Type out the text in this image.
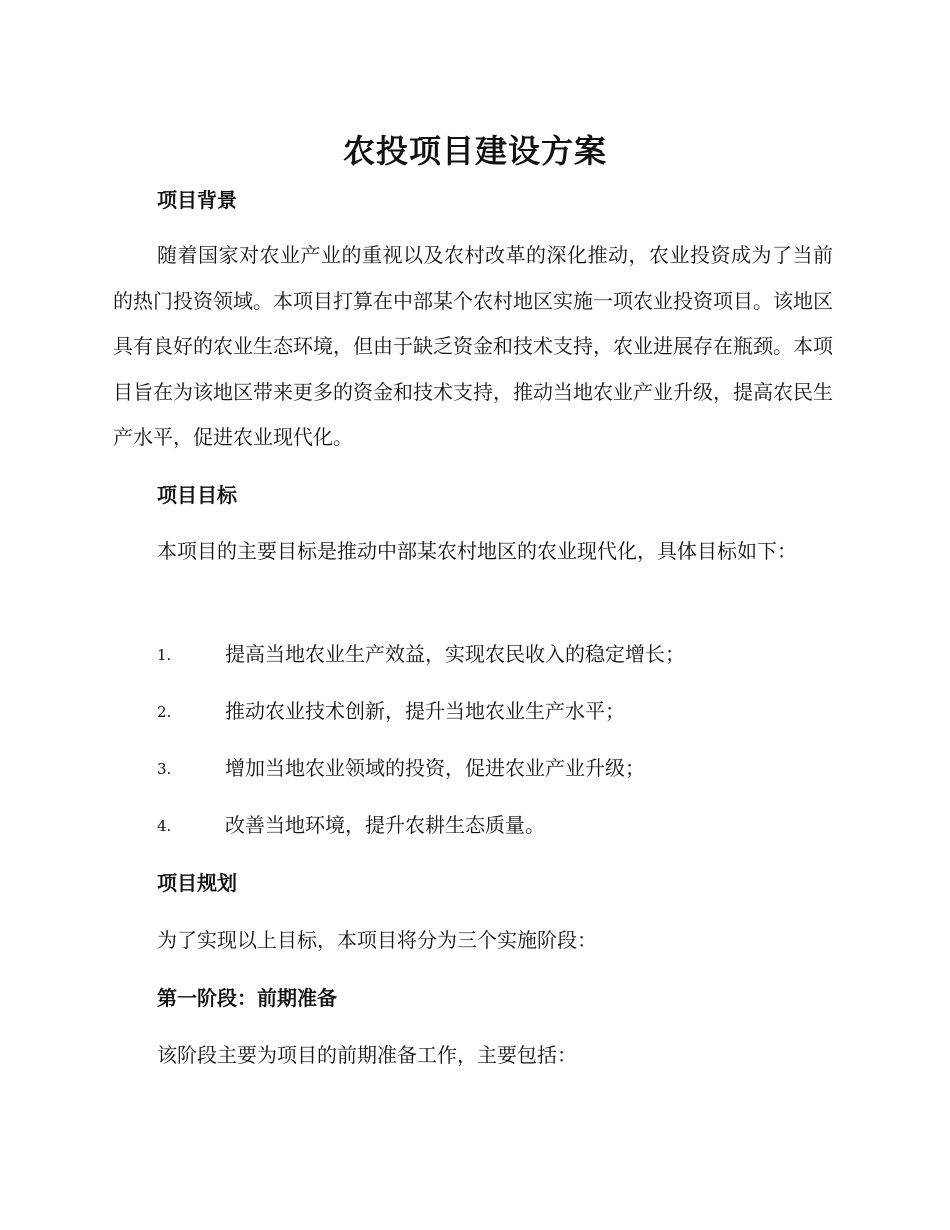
农投项目建设方案
项目背景

随着国家对农业产业的重视以及农村改革的深化推动，农业投资成为了当前的热门投资领域。本项目打算在中部某个农村地区实施一项农业投资项目。该地区具有良好的农业生态环境，但由于缺乏资金和技术支持，农业进展存在瓶颈。本项目旨在为该地区带来更多的资金和技术支持，推动当地农业产业升级，提高农民生产水平，促进农业现代化。

项目目标

本项目的主要目标是推动中部某农村地区的农业现代化，具体目标如下：

1.	提高当地农业生产效益，实现农民收入的稳定增长；
2.	推动农业技术创新，提升当地农业生产水平；
3.	增加当地农业领域的投资，促进农业产业升级；
4.	改善当地环境，提升农耕生态质量。
项目规划
为了实现以上目标，本项目将分为三个实施阶段：
第一阶段：前期准备
该阶段主要为项目的前期准备工作，主要包括：
